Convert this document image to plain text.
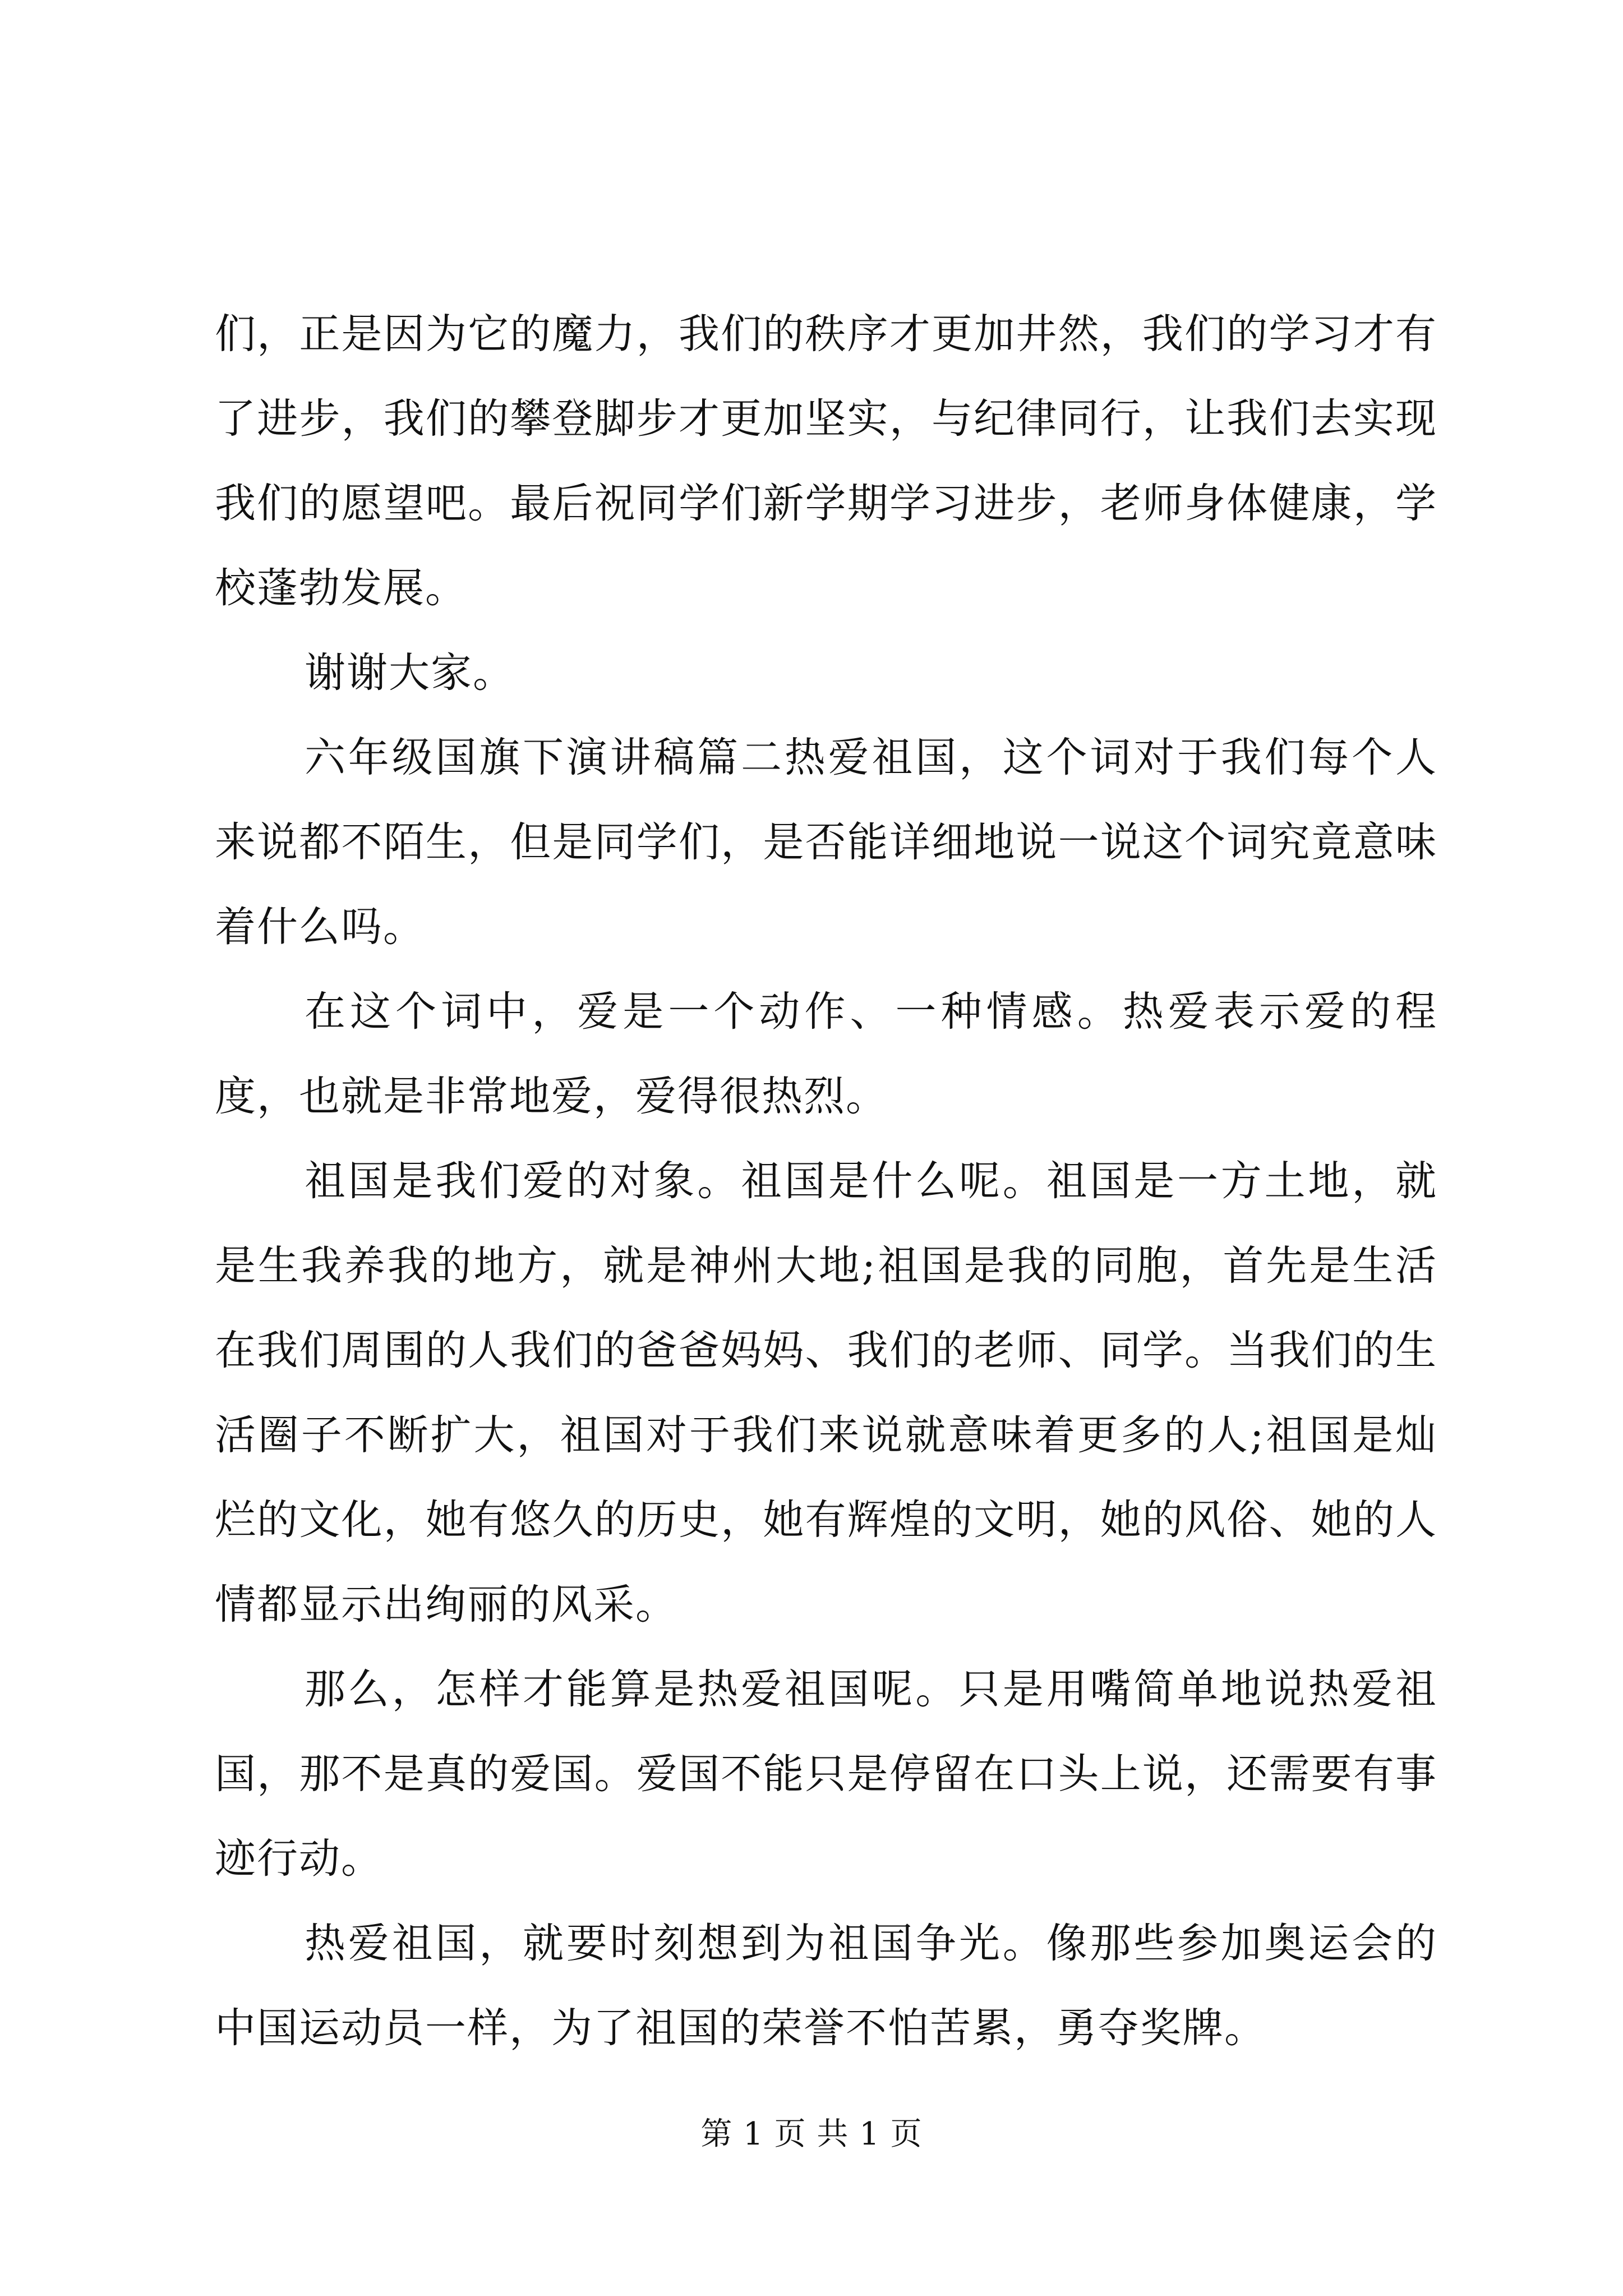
们，正是因为它的魔力，我们的秩序才更加井然，我们的学习才有了进步，我们的攀登脚步才更加坚实，与纪律同行，让我们去实现我们的愿望吧。最后祝同学们新学期学习进步，老师身体健康，学校蓬勃发展。

谢谢大家。

六年级国旗下演讲稿篇二热爱祖国，这个词对于我们每个人来说都不陌生，但是同学们，是否能详细地说一说这个词究竟意味着什么吗。

在这个词中，爱是一个动作、一种情感。热爱表示爱的程度，也就是非常地爱，爱得很热烈。

祖国是我们爱的对象。祖国是什么呢。祖国是一方土地，就是生我养我的地方，就是神州大地;祖国是我的同胞，首先是生活在我们周围的人我们的爸爸妈妈、我们的老师、同学。当我们的生活圈子不断扩大，祖国对于我们来说就意味着更多的人;祖国是灿烂的文化，她有悠久的历史，她有辉煌的文明，她的风俗、她的人情都显示出绚丽的风采。

那么，怎样才能算是热爱祖国呢。只是用嘴简单地说热爱祖国，那不是真的爱国。爱国不能只是停留在口头上说，还需要有事迹行动。

热爱祖国，就要时刻想到为祖国争光。像那些参加奥运会的中国运动员一样，为了祖国的荣誉不怕苦累，勇夺奖牌。

第 1 页 共 1 页
